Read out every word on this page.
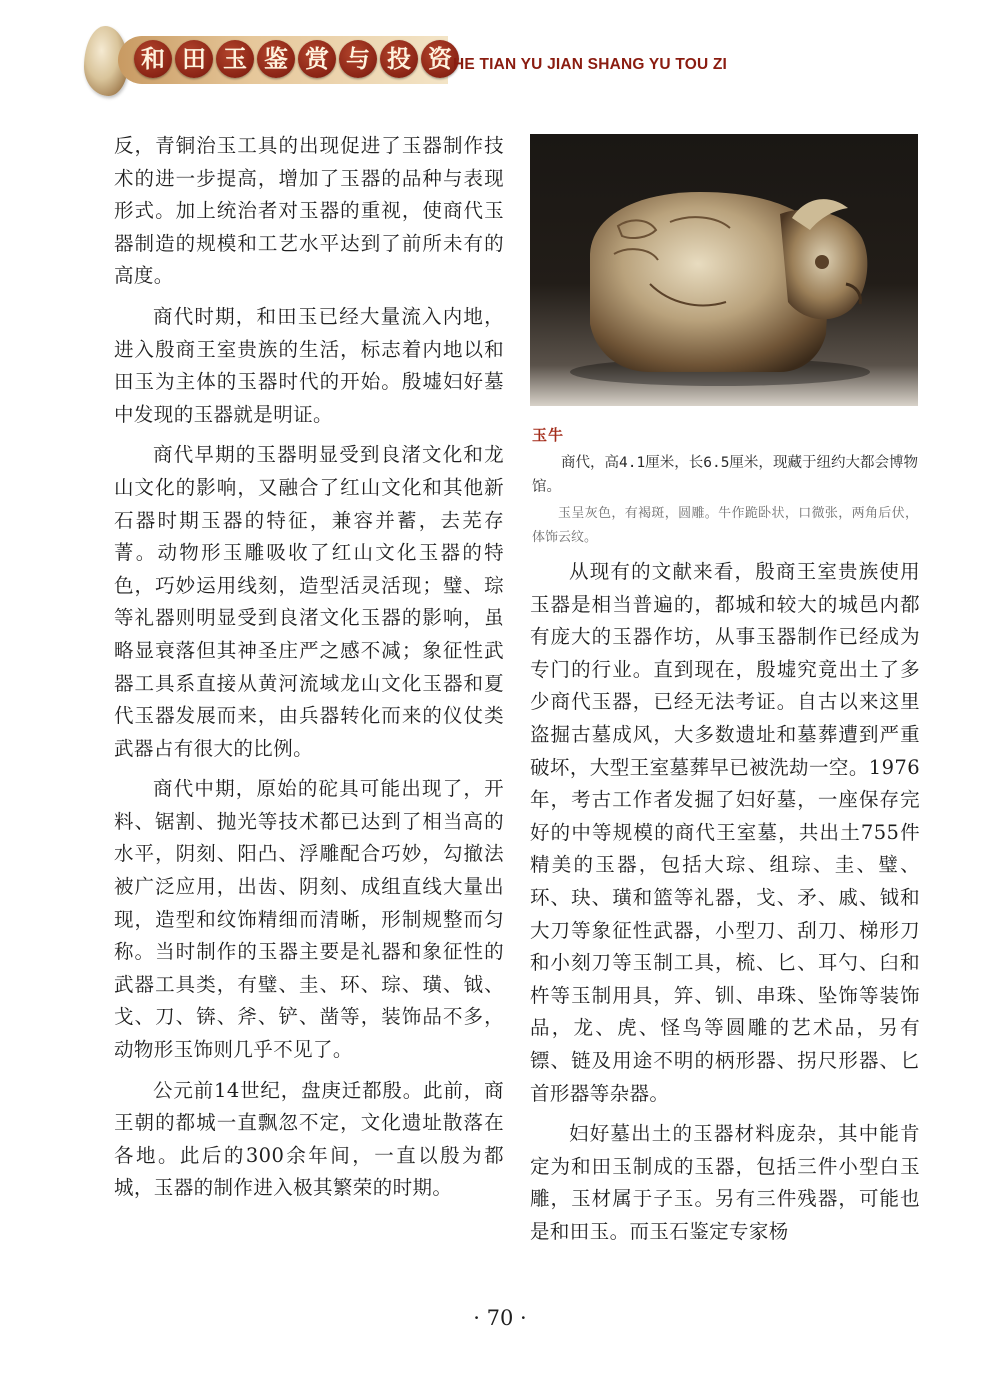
和 田 玉 鉴 赏 与 投 资 HE TIAN YU JIAN SHANG YU TOU ZI

反，青铜治玉工具的出现促进了玉器制作技术的进一步提高，增加了玉器的品种与表现形式。加上统治者对玉器的重视，使商代玉器制造的规模和工艺水平达到了前所未有的高度。

商代时期，和田玉已经大量流入内地，进入殷商王室贵族的生活，标志着内地以和田玉为主体的玉器时代的开始。殷墟妇好墓中发现的玉器就是明证。

商代早期的玉器明显受到良渚文化和龙山文化的影响，又融合了红山文化和其他新石器时期玉器的特征，兼容并蓄，去芜存菁。动物形玉雕吸收了红山文化玉器的特色，巧妙运用线刻，造型活灵活现；璧、琮等礼器则明显受到良渚文化玉器的影响，虽略显衰落但其神圣庄严之感不减；象征性武器工具系直接从黄河流域龙山文化玉器和夏代玉器发展而来，由兵器转化而来的仪仗类武器占有很大的比例。

商代中期，原始的砣具可能出现了，开料、锯割、抛光等技术都已达到了相当高的水平，阴刻、阳凸、浮雕配合巧妙，勾撤法被广泛应用，出齿、阴刻、成组直线大量出现，造型和纹饰精细而清晰，形制规整而匀称。当时制作的玉器主要是礼器和象征性的武器工具类，有璧、圭、环、琮、璜、钺、戈、刀、锛、斧、铲、凿等，装饰品不多，动物形玉饰则几乎不见了。

公元前14世纪，盘庚迁都殷。此前，商王朝的都城一直飘忽不定，文化遗址散落在各地。此后的300余年间，一直以殷为都城，玉器的制作进入极其繁荣的时期。

玉牛

商代，高4.1厘米，长6.5厘米，现藏于纽约大都会博物馆。

玉呈灰色，有褐斑，圆雕。牛作跪卧状，口微张，两角后伏，体饰云纹。

从现有的文献来看，殷商王室贵族使用玉器是相当普遍的，都城和较大的城邑内都有庞大的玉器作坊，从事玉器制作已经成为专门的行业。直到现在，殷墟究竟出土了多少商代玉器，已经无法考证。自古以来这里盗掘古墓成风，大多数遗址和墓葬遭到严重破坏，大型王室墓葬早已被洗劫一空。1976年，考古工作者发掘了妇好墓，一座保存完好的中等规模的商代王室墓，共出土755件精美的玉器，包括大琮、组琮、圭、璧、环、玦、璜和篮等礼器，戈、矛、戚、钺和大刀等象征性武器，小型刀、刮刀、梯形刀和小刻刀等玉制工具，梳、匕、耳勺、臼和杵等玉制用具，笄、钏、串珠、坠饰等装饰品，龙、虎、怪鸟等圆雕的艺术品，另有镖、链及用途不明的柄形器、拐尺形器、匕首形器等杂器。

妇好墓出土的玉器材料庞杂，其中能肯定为和田玉制成的玉器，包括三件小型白玉雕，玉材属于子玉。另有三件残器，可能也是和田玉。而玉石鉴定专家杨

· 70 ·
